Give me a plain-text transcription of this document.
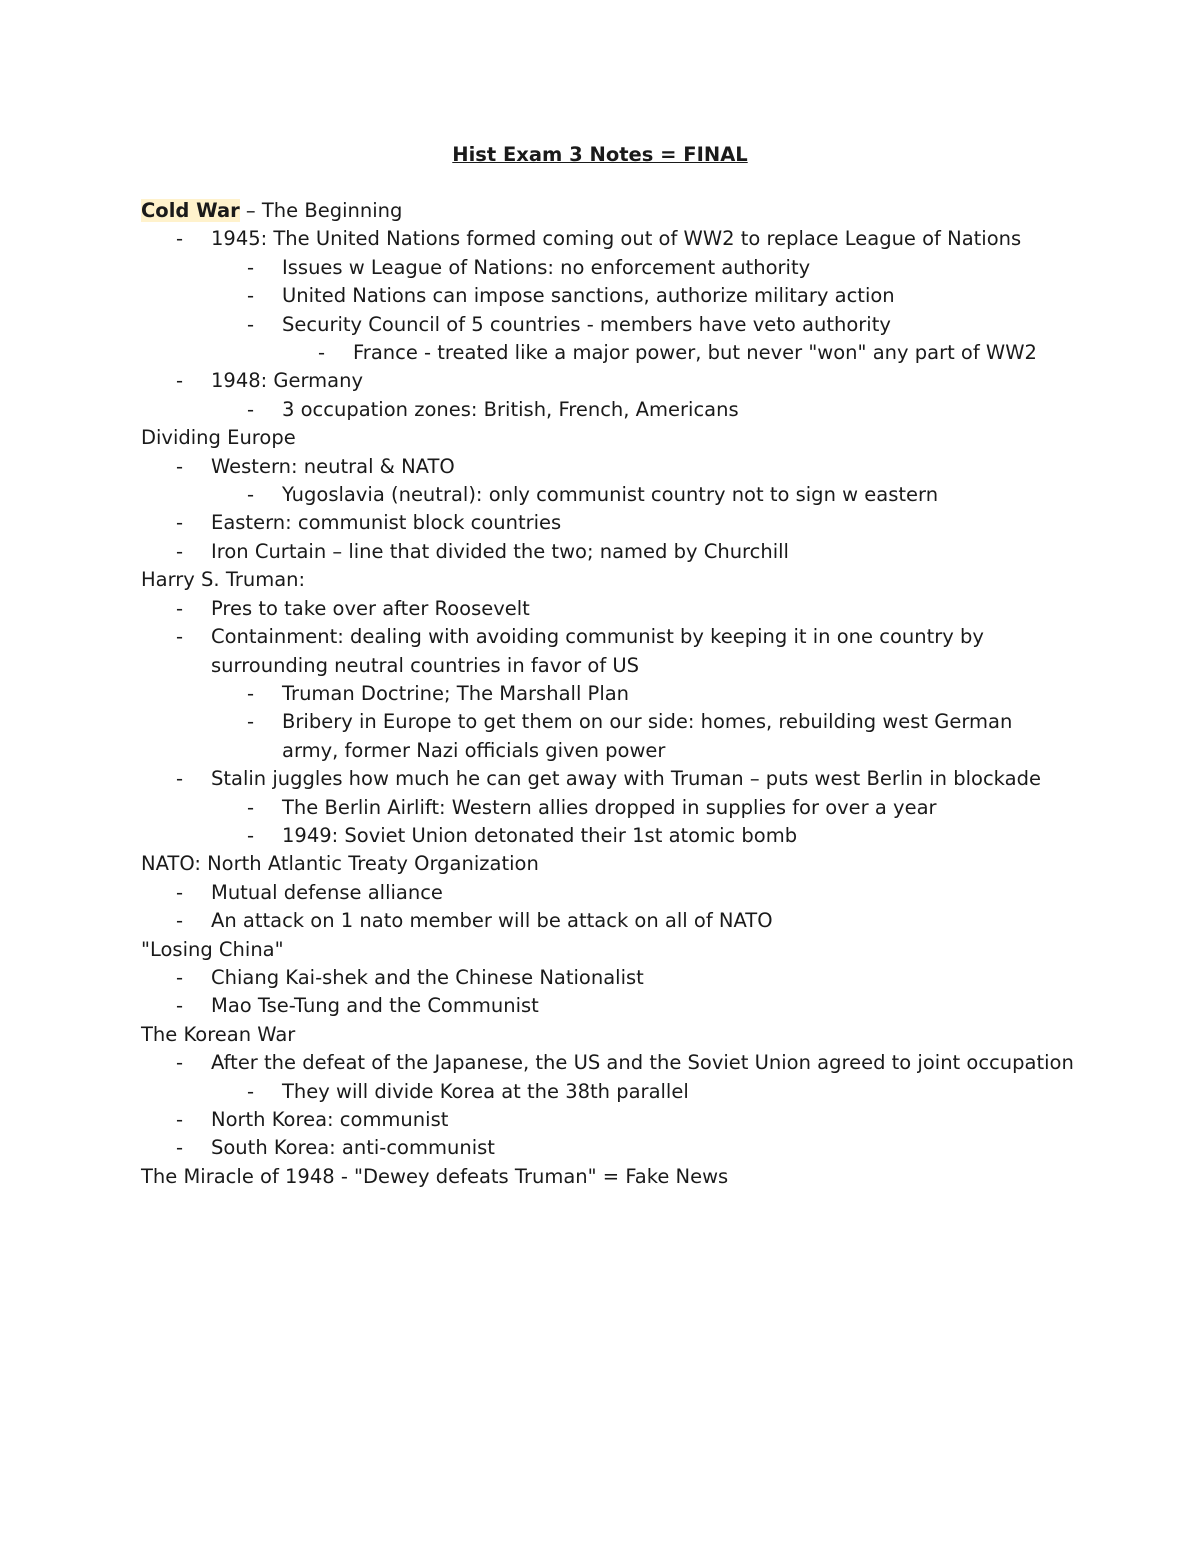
Hist Exam 3 Notes = FINAL
Cold War – The Beginning
- 1945: The United Nations formed coming out of WW2 to replace League of Nations
- Issues w League of Nations: no enforcement authority
- United Nations can impose sanctions, authorize military action
- Security Council of 5 countries - members have veto authority
- France - treated like a major power, but never "won" any part of WW2
- 1948: Germany
- 3 occupation zones: British, French, Americans
Dividing Europe
- Western: neutral & NATO
- Yugoslavia (neutral): only communist country not to sign w eastern
- Eastern: communist block countries
- Iron Curtain – line that divided the two; named by Churchill
Harry S. Truman:
- Pres to take over after Roosevelt
- Containment: dealing with avoiding communist by keeping it in one country by surrounding neutral countries in favor of US
- Truman Doctrine; The Marshall Plan
- Bribery in Europe to get them on our side: homes, rebuilding west German army, former Nazi officials given power
- Stalin juggles how much he can get away with Truman – puts west Berlin in blockade
- The Berlin Airlift: Western allies dropped in supplies for over a year
- 1949: Soviet Union detonated their 1st atomic bomb
NATO: North Atlantic Treaty Organization
- Mutual defense alliance
- An attack on 1 nato member will be attack on all of NATO
"Losing China"
- Chiang Kai-shek and the Chinese Nationalist
- Mao Tse-Tung and the Communist
The Korean War
- After the defeat of the Japanese, the US and the Soviet Union agreed to joint occupation
- They will divide Korea at the 38th parallel
- North Korea: communist
- South Korea: anti-communist
The Miracle of 1948 - "Dewey defeats Truman" = Fake News
